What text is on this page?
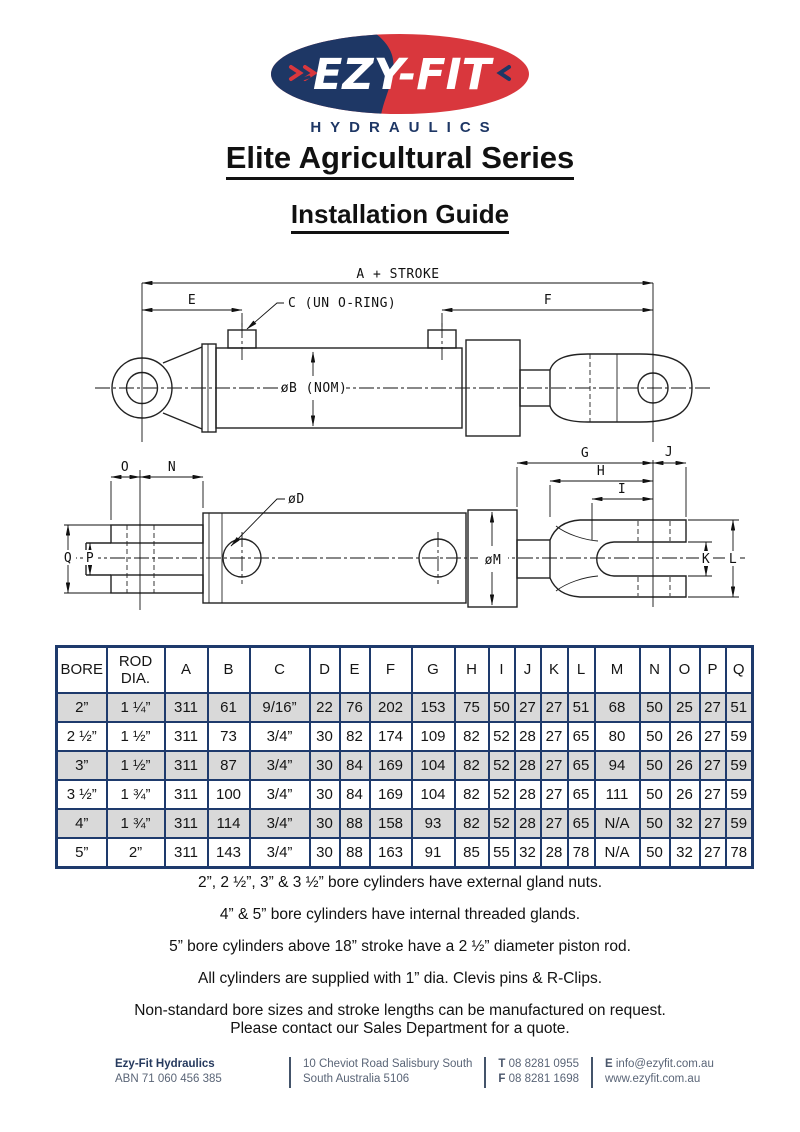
EZY-FIT
HYDRAULICS
Elite Agricultural Series
Installation Guide
A + STROKE
E	C (UN O-RING)	F
øB (NOM)
Q P
O	N
øD
øM
G	J
H
I
K L
BORE	ROD DIA.	A	B	C	D	E	F	G	H	I	J	K	L	M	N	O	P	Q
2”	1 ¼”	311	61	9/16”	22	76	202	153	75	50	27	27	51	68	50	25	27	51
2 ½”	1 ½”	311	73	3/4”	30	82	174	109	82	52	28	27	65	80	50	26	27	59
3”	1 ½”	311	87	3/4”	30	84	169	104	82	52	28	27	65	94	50	26	27	59
3 ½”	1 ¾”	311	100	3/4”	30	84	169	104	82	52	28	27	65	111	50	26	27	59
4”	1 ¾”	311	114	3/4”	30	88	158	93	82	52	28	27	65	N/A	50	32	27	59
5”	2”	311	143	3/4”	30	88	163	91	85	55	32	28	78	N/A	50	32	27	78

2”, 2 ½”, 3” & 3 ½” bore cylinders have external gland nuts.

4” & 5” bore cylinders have internal threaded glands.

5” bore cylinders above 18” stroke have a 2 ½” diameter piston rod.

All cylinders are supplied with 1” dia. Clevis pins & R-Clips.

Non-standard bore sizes and stroke lengths can be manufactured on request.

Please contact our Sales Department for a quote.

Ezy-Fit Hydraulics
ABN 71 060 456 385
10 Cheviot Road Salisbury South
South Australia 5106
T 08 8281 0955
F 08 8281 1698
E info@ezyfit.com.au
www.ezyfit.com.au
